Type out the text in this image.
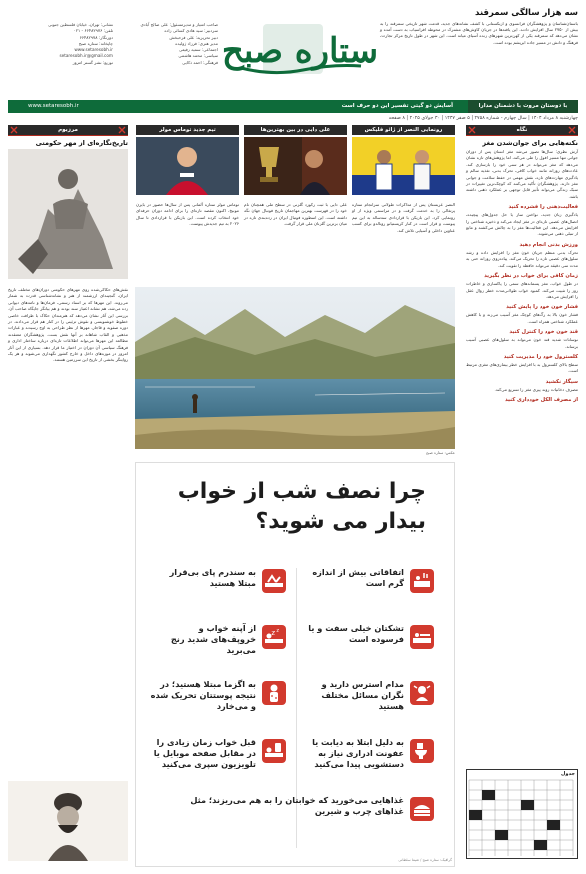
صاحب امتیاز و مدیرمسئول: علی صالح آبادی
سردبیر: سید هادی کسائی زاده
دبیر تحریریه: علی فرحبخش
مدیر هنری: فرزاد ژولیده
اجتماعی: سمیه رفیعی
سیاسی: محمد هاشمی
فرهنگی: احمد ذکایی
نشانی: تهران، خیابان فلسطین جنوبی
تلفن: ۶۶۴۸۲۹۷۶ - ۰۲۱
دورنگار: ۶۶۴۸۲۹۷۸
چاپخانه: ستاره صبح
www.setaresobh.ir
setaresobh.ir@gmail.com
توزیع: نشر گستر امروز	ستاره صبح
سه هزار سالگی سمرقند
باستان‌شناسان و پژوهشگران فرانسوی و ازبکستانی با کشف نشانه‌های جدید، قدمت شهر تاریخی سمرقند را به بیش از ۲۷۵۰ سال افزایش دادند. این یافته‌ها در جریان کاوش‌های مشترک در محوطه افراسیاب به دست آمده و نشان می‌دهد که سمرقند یکی از کهن‌ترین شهرهای زنده آسیای میانه است. این شهر در طول تاریخ مرکز تجارت، فرهنگ و دانش در مسیر جاده ابریشم بوده است.
با دوستان مروت با دشمنان مدارا
آسایش دو گیتی تفسیر این دو حرف است
www.setaresobh.ir
چهارشنبه ۸ مرداد ۱۴۰۴ | سال چهارم - شماره ۲۷۵۸ | ۵ صفر ۱۴۴۷ | ۳۰ جولای ۲۰۲۵ | ۸ صفحه
نگاه
نکته‌هایی برای جوان‌شدن مغز
آرش نظری: سال‌ها تصور می‌شد مغز انسان پس از دوران جوانی تنها مسیر افول را طی می‌کند، اما پژوهش‌های تازه نشان می‌دهد که مغز می‌تواند در هر سنی خود را بازسازی کند. عادت‌های روزانه مانند خواب کافی، تحرک بدنی، تغذیه سالم و یادگیری مهارت‌های تازه، نقش مهمی در حفظ سلامت و جوانی مغز دارند. پژوهشگران تأکید می‌کنند که کوچک‌ترین تغییرات در سبک زندگی می‌تواند تأثیر قابل توجهی بر عملکرد ذهنی داشته باشد.
فعالیت‌ذهنی را فشرده کنید
یادگیری زبان جدید، نواختن ساز یا حل جدول‌های پیچیده، اتصال‌های عصبی تازه‌ای در مغز ایجاد می‌کند و ذخیره شناختی را افزایش می‌دهد. این فعالیت‌ها مغز را به چالش می‌کشند و مانع از تنبلی ذهنی می‌شوند.
ورزش بدنی انجام دهید
تحرک بدنی منظم جریان خون مغز را افزایش داده و رشد سلول‌های عصبی تازه را تحریک می‌کند. پیاده‌روی روزانه حتی به مدت سی دقیقه می‌تواند حافظه را تقویت کند.
زمان کافی برای خواب در نظر بگیرید
در طول خواب، مغز پسماندهای سمی را پاکسازی و خاطرات روز را تثبیت می‌کند. کمبود خواب طولانی‌مدت خطر زوال عقل را افزایش می‌دهد.
فشار خون خود را پایش کنید
فشار خون بالا به رگ‌های کوچک مغز آسیب می‌زند و با کاهش عملکرد شناختی همراه است.
قند خون خود را کنترل کنید
نوسانات شدید قند خون می‌تواند به سلول‌های عصبی آسیب برساند.
کلسترول خود را مدیریت کنید
سطح بالای کلسترول بد با افزایش خطر بیماری‌های مغزی مرتبط است.
سیگار نکشید
مصرف دخانیات روند پیری مغز را تسریع می‌کند.
از مصرف الکل خودداری کنید
جدول
رونمایی النصر از ژائو فلیکس
النصر عربستان پس از مذاکرات طولانی سرانجام ستاره پرتغالی را به خدمت گرفت و در مراسمی ویژه از او رونمایی کرد. این بازیکن با قراردادی سه‌ساله به این تیم پیوست و قرار است در کنار کریستیانو رونالدو برای کسب عناوین داخلی و آسیایی تلاش کند.
علی دایی در بین بهترین‌ها
علی دایی با ثبت رکورد گلزنی در سطح ملی همچنان نام خود را در فهرست بهترین مهاجمان تاریخ فوتبال جهان نگه داشته است. این اسطوره فوتبال ایران در رده‌بندی تازه در میان برترین گلزنان ملی قرار گرفت.
تیم جدید توماس مولر
توماس مولر ستاره آلمانی پس از سال‌ها حضور در بایرن مونیخ، اکنون مقصد تازه‌ای را برای ادامه دوران حرفه‌ای خود انتخاب کرده است. این بازیکن با قراردادی تا سال ۲۰۲۶ به تیم جدیدش پیوست.
عکس: ستاره صبح
مرزبوم
تاریخ‌نگاره‌ای از مهر حکومتی
نقش‌های حکاکی‌شده روی مهرهای حکومتی دوران‌های مختلف تاریخ ایران، گنجینه‌ای ارزشمند از هنر و نشانه‌شناسی قدرت به شمار می‌روند. این مهرها که بر اسناد رسمی، فرمان‌ها و نامه‌های دیوانی زده می‌شد، هم نشانه اعتبار سند بودند و هم بیانگر جایگاه صاحب آن. بررسی این آثار نشان می‌دهد که هنرمندان حکاک با ظرافت خاصی خطوط خوشنویسی و نقوش تزئینی را در کنار هم قرار می‌دادند. در دوره صفویه و قاجار، مهرها از نظر طراحی به اوج رسیدند و عبارات مذهبی و القاب شاهانه بر آنها نقش بست. پژوهشگران معتقدند مطالعه این مهرها می‌تواند اطلاعات تازه‌ای درباره ساختار اداری و فرهنگ سیاسی آن دوران در اختیار ما قرار دهد. بسیاری از این آثار امروز در موزه‌های داخل و خارج کشور نگهداری می‌شوند و هر یک روایتگر بخشی از تاریخ این سرزمین هستند.
چرا نصف شب از خواب
بیدار می شوید؟
اتفاقاتی بیش از اندازه گرم است
تشکتان خیلی سفت و یا فرسوده است
مدام استرس دارید و نگران مسائل مختلف هستید
به دلیل ابتلا به دیابت یا عفونت ادراری نیاز به دستشویی پیدا می‌کنید
غذاهایی می‌خورید که خوابتان را به هم می‌ریزند؛ مثل غذاهای چرب و شیرین
به سندرم پای بی‌قرار مبتلا هستید
z z
از آپنه خواب و خروپف‌های شدید رنج می‌برید
به اگزما مبتلا هستید؛ در نتیجه پوستتان تحریک شده و می‌خارد
قبل خواب زمان زیادی را در مقابل صفحه موبایل یا تلویزیون سپری می‌کنید
گرافیک: ستاره صبح / شیما سلطانی
